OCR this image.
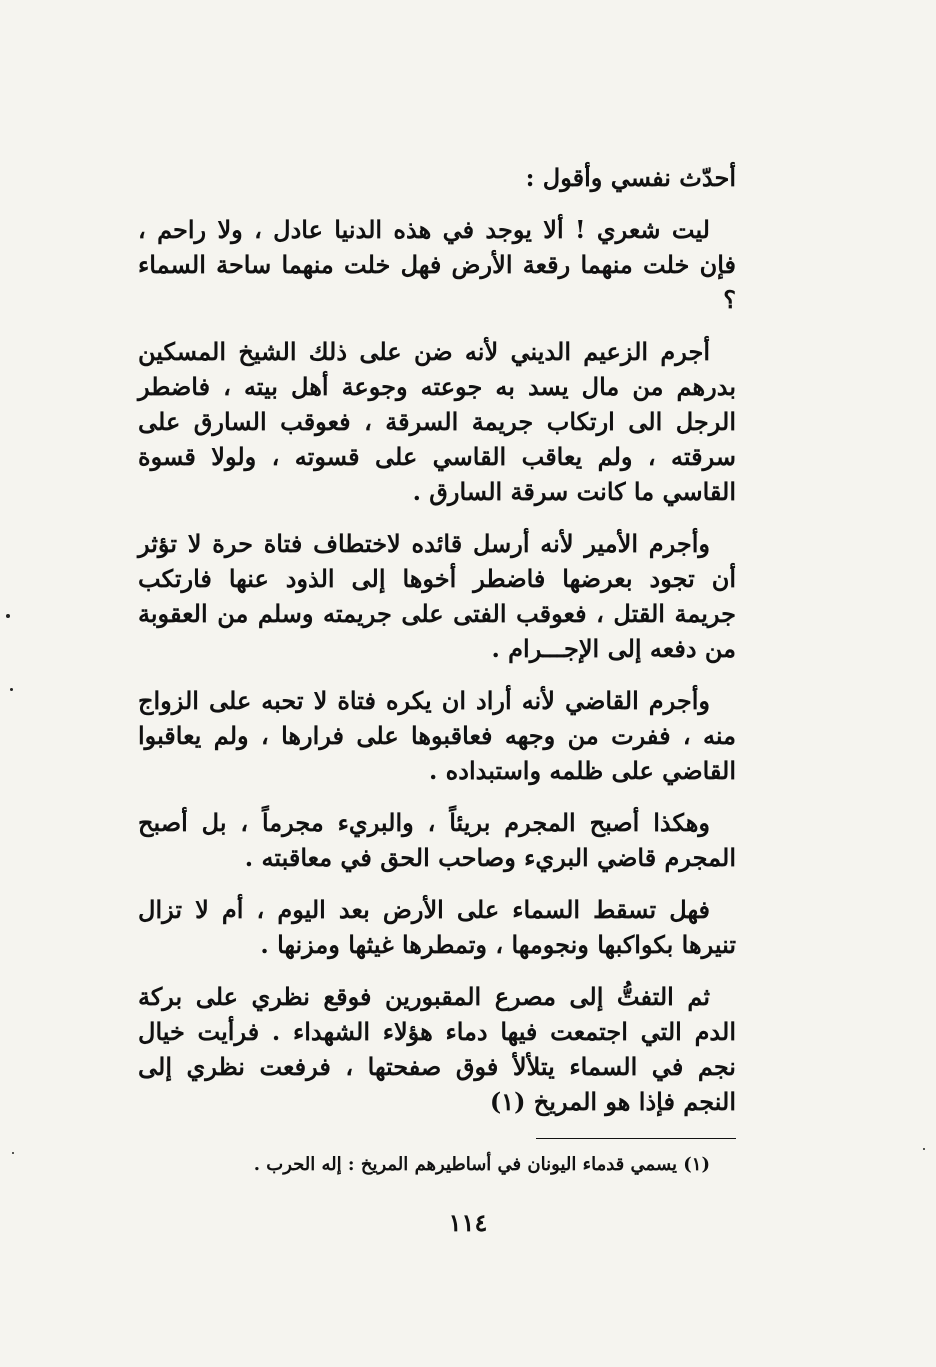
أحدّث نفسي وأقول :

ليت شعري ! ألا يوجد في هذه الدنيا عادل ، ولا راحم ، فإن خلت منهما رقعة الأرض فهل خلت منهما ساحة السماء ؟

أجرم الزعيم الديني لأنه ضن على ذلك الشيخ المسكين بدرهم من مال يسد به جوعته وجوعة أهل بيته ، فاضطر الرجل الى ارتكاب جريمة السرقة ، فعوقب السارق على سرقته ، ولم يعاقب القاسي على قسوته ، ولولا قسوة القاسي ما كانت سرقة السارق .

وأجرم الأمير لأنه أرسل قائده لاختطاف فتاة حرة لا تؤثر أن تجود بعرضها فاضطر أخوها إلى الذود عنها فارتكب جريمة القتل ، فعوقب الفتى على جريمته وسلم من العقوبة من دفعه إلى الإجـــرام .

وأجرم القاضي لأنه أراد ان يكره فتاة لا تحبه على الزواج منه ، ففرت من وجهه فعاقبوها على فرارها ، ولم يعاقبوا القاضي على ظلمه واستبداده .

وهكذا أصبح المجرم بريئاً ، والبريء مجرماً ، بل أصبح المجرم قاضي البريء وصاحب الحق في معاقبته .

فهل تسقط السماء على الأرض بعد اليوم ، أم لا تزال تنيرها بكواكبها ونجومها ، وتمطرها غيثها ومزنها .

ثم التفتُّ إلى مصرع المقبورين فوقع نظري على بركة الدم التي اجتمعت فيها دماء هؤلاء الشهداء . فرأيت خيال نجم في السماء يتلألأ فوق صفحتها ، فرفعت نظري إلى النجم فإذا هو المريخ (١)

(١) يسمي قدماء اليونان في أساطيرهم المريخ : إله الحرب .
١١٤
